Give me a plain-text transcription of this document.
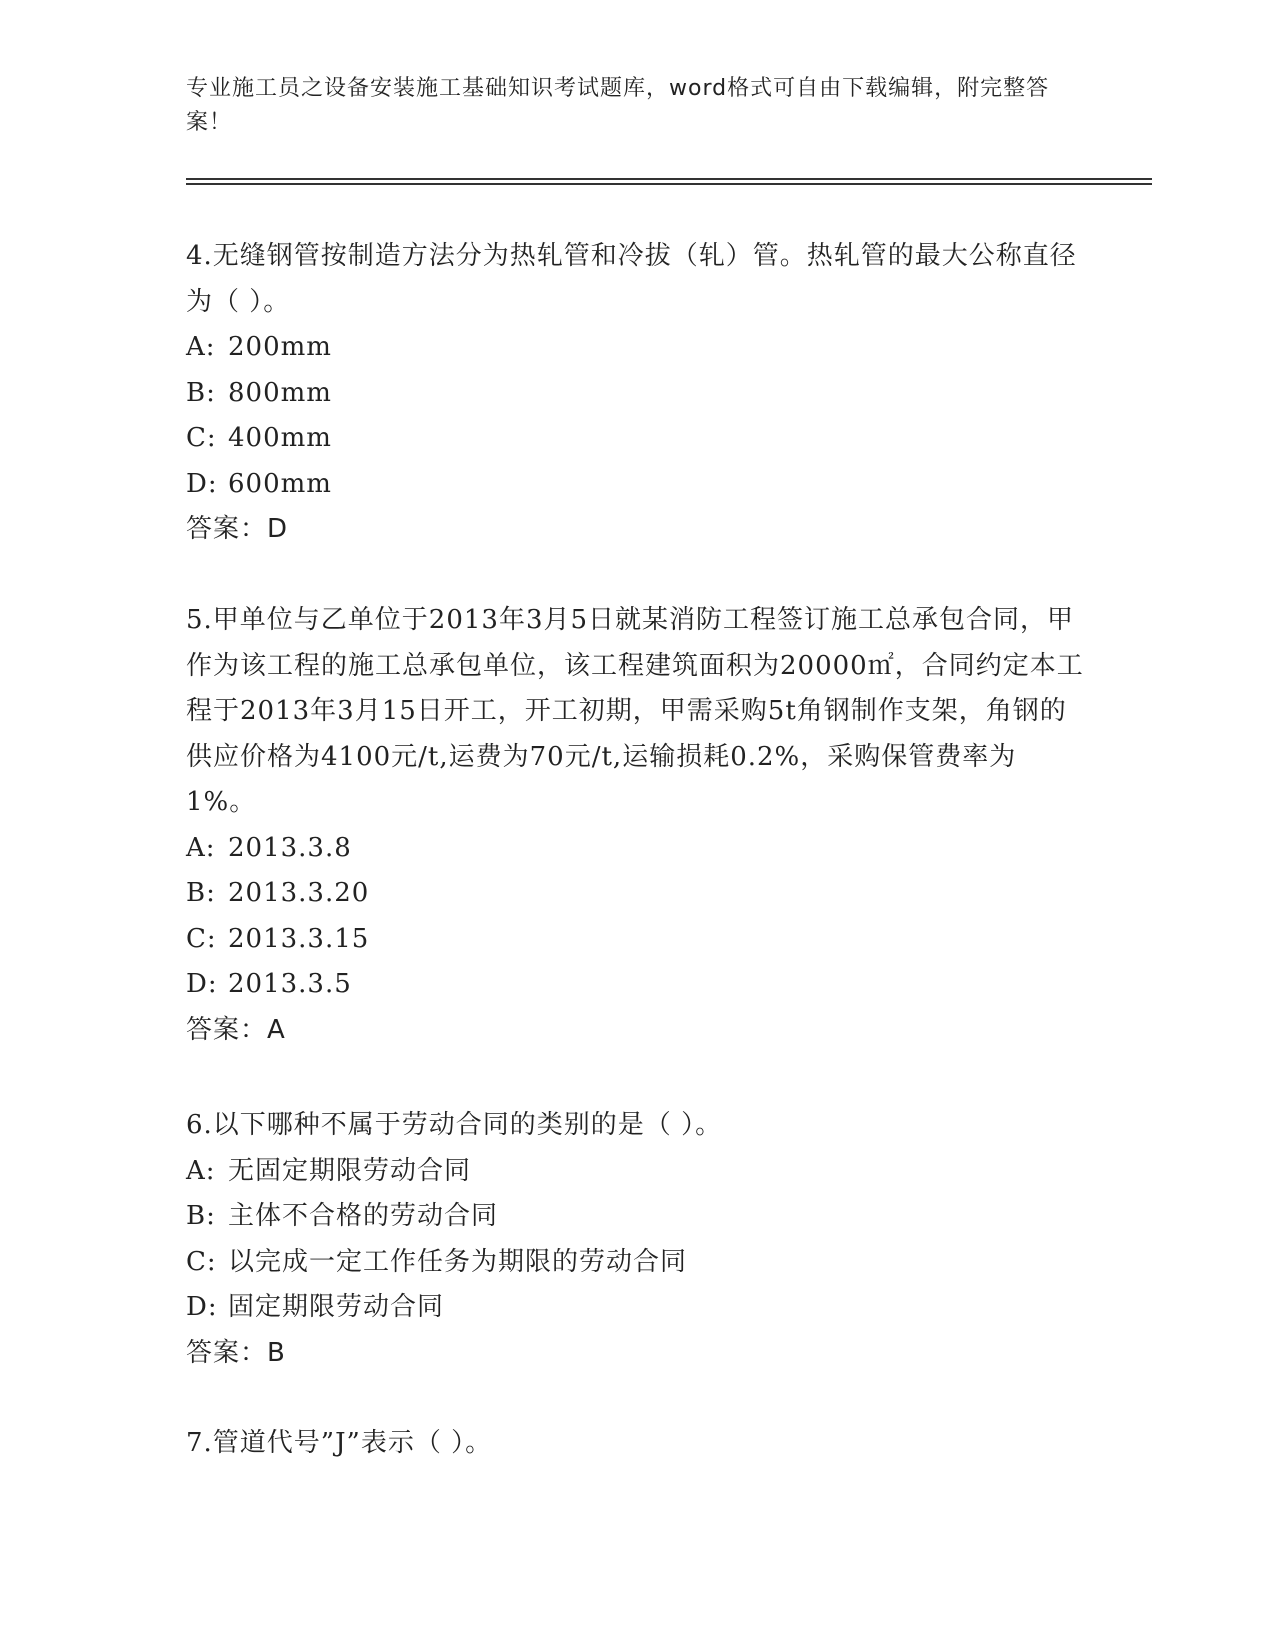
专业施工员之设备安装施工基础知识考试题库，word格式可自由下载编辑，附完整答案！

4.无缝钢管按制造方法分为热轧管和冷拔（轧）管。热轧管的最大公称直径为（ ）。

A: 200mm

B: 800mm

C: 400mm

D: 600mm

答案：D

5.甲单位与乙单位于2013年3月5日就某消防工程签订施工总承包合同，甲作为该工程的施工总承包单位，该工程建筑面积为20000㎡，合同约定本工程于2013年3月15日开工，开工初期，甲需采购5t角钢制作支架，角钢的供应价格为4100元/t,运费为70元/t,运输损耗0.2%，采购保管费率为1%。

A: 2013.3.8

B: 2013.3.20

C: 2013.3.15

D: 2013.3.5

答案：A

6.以下哪种不属于劳动合同的类别的是（ ）。

A: 无固定期限劳动合同

B: 主体不合格的劳动合同

C: 以完成一定工作任务为期限的劳动合同

D: 固定期限劳动合同

答案：B

7.管道代号”J”表示（ ）。
